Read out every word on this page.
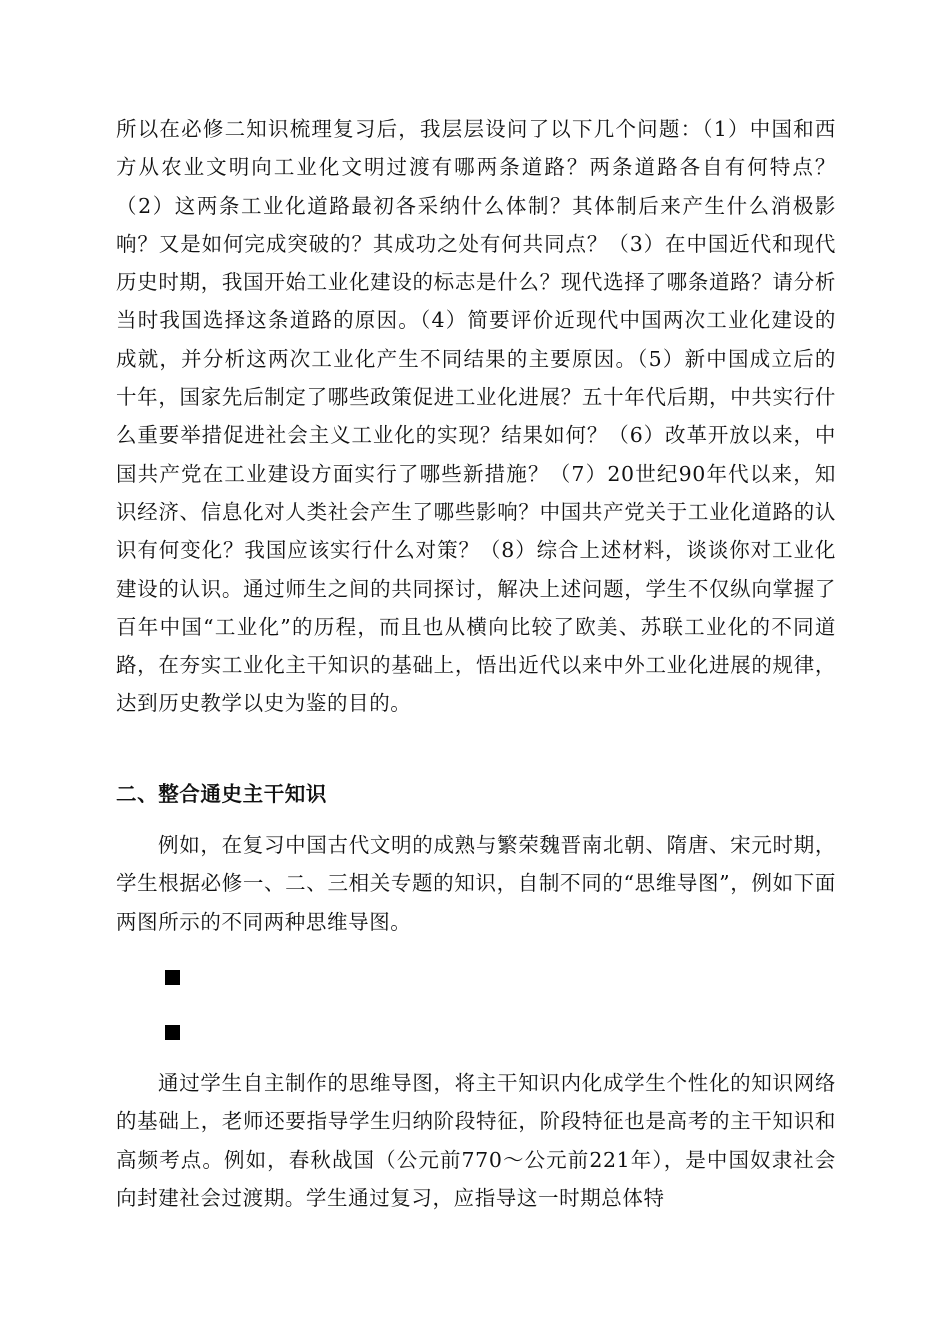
所以在必修二知识梳理复习后，我层层设问了以下几个问题：（1）中国和西方从农业文明向工业化文明过渡有哪两条道路？两条道路各自有何特点？（2）这两条工业化道路最初各采纳什么体制？其体制后来产生什么消极影响？又是如何完成突破的？其成功之处有何共同点？（3）在中国近代和现代历史时期，我国开始工业化建设的标志是什么？现代选择了哪条道路？请分析当时我国选择这条道路的原因。（4）简要评价近现代中国两次工业化建设的成就，并分析这两次工业化产生不同结果的主要原因。（5）新中国成立后的十年，国家先后制定了哪些政策促进工业化进展？五十年代后期，中共实行什么重要举措促进社会主义工业化的实现？结果如何？（6）改革开放以来，中国共产党在工业建设方面实行了哪些新措施？（7）20世纪90年代以来，知识经济、信息化对人类社会产生了哪些影响？中国共产党关于工业化道路的认识有何变化？我国应该实行什么对策？（8）综合上述材料，谈谈你对工业化建设的认识。通过师生之间的共同探讨，解决上述问题，学生不仅纵向掌握了百年中国“工业化”的历程，而且也从横向比较了欧美、苏联工业化的不同道路，在夯实工业化主干知识的基础上，悟出近代以来中外工业化进展的规律，达到历史教学以史为鉴的目的。

二、整合通史主干知识

例如，在复习中国古代文明的成熟与繁荣魏晋南北朝、隋唐、宋元时期，学生根据必修一、二、三相关专题的知识，自制不同的“思维导图”，例如下面两图所示的不同两种思维导图。

通过学生自主制作的思维导图，将主干知识内化成学生个性化的知识网络的基础上，老师还要指导学生归纳阶段特征，阶段特征也是高考的主干知识和高频考点。例如，春秋战国（公元前770～公元前221年），是中国奴隶社会向封建社会过渡期。学生通过复习，应指导这一时期总体特
